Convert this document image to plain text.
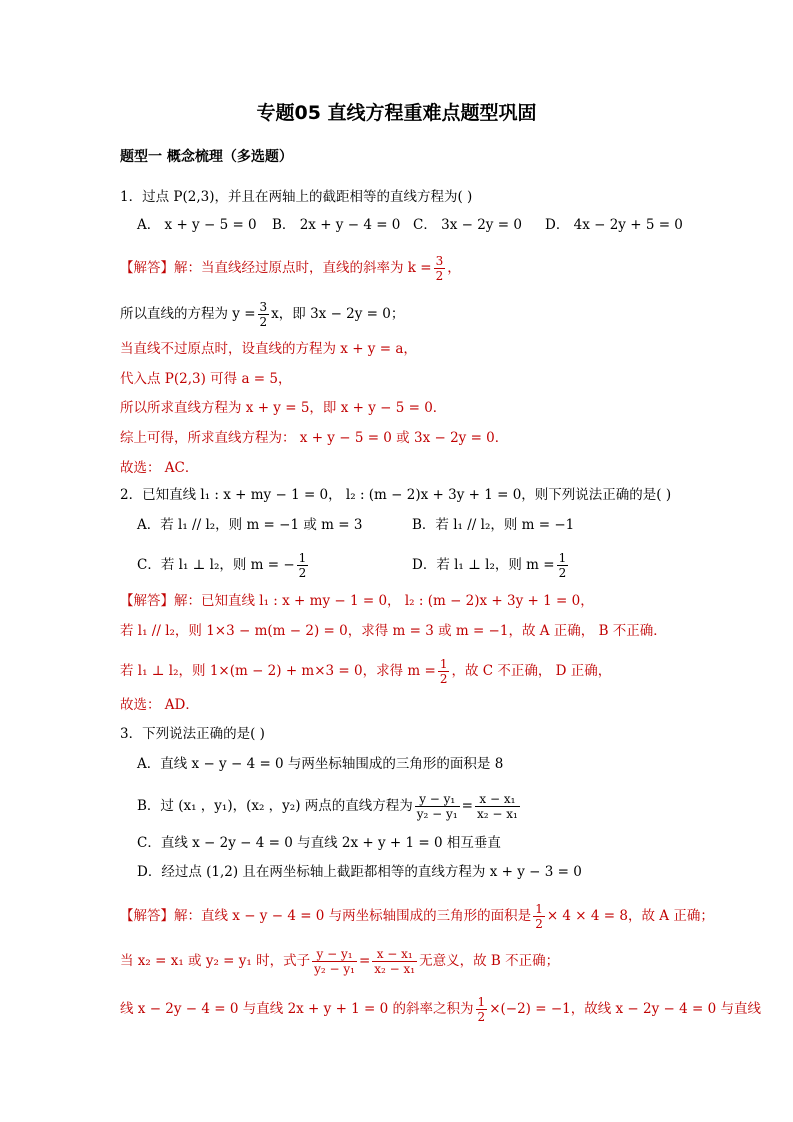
专题05 直线方程重难点题型巩固
题型一 概念梳理（多选题）
1．过点 P(2,3)，并且在两轴上的截距相等的直线方程为( )
A． x + y − 5 = 0 B． 2x + y − 4 = 0 C． 3x − 2y = 0 D． 4x − 2y + 5 = 0
【解答】解：当直线经过原点时，直线的斜率为 $k = \frac{3}{2}$ ，
所以直线的方程为 $y = \frac{3}{2}$ x，即 3x − 2y = 0；
当直线不过原点时，设直线的方程为 x + y = a，
代入点 P(2,3) 可得 a = 5，
所以所求直线方程为 x + y = 5，即 x + y − 5 = 0．
综上可得，所求直线方程为： x + y − 5 = 0 或 3x − 2y = 0．
故选： AC．
2．已知直线 l₁ : x + my − 1 = 0， l₂ : (m − 2)x + 3y + 1 = 0，则下列说法正确的是( )
A．若 l₁ // l₂，则 m = −1 或 m = 3	B．若 l₁ // l₂，则 m = −1
C．若 l₁ ⊥ l₂，则 m = − $\frac{1}{2}$	D．若 l₁ ⊥ l₂，则 $m = \frac{1}{2}$
【解答】解：已知直线 l₁ : x + my − 1 = 0， l₂ : (m − 2)x + 3y + 1 = 0，
若 l₁ // l₂，则 1×3 − m(m − 2) = 0，求得 m = 3 或 m = −1，故 A 正确， B 不正确．
若 l₁ ⊥ l₂，则 1×(m − 2) + m×3 = 0，求得 $m = \frac{1}{2}$ ，故 C 不正确， D 正确，
故选： AD．
3．下列说法正确的是( )
A．直线 x − y − 4 = 0 与两坐标轴围成的三角形的面积是 8
B．过 (x₁ ，y₁)，(x₂ ，y₂) 两点的直线方程为 $\frac{\text{y − y₁}}{\text{y₂ − y₁}} = \frac{\text{x − x₁}}{\text{x₂ − x₁}}$
C．直线 x − 2y − 4 = 0 与直线 2x + y + 1 = 0 相互垂直
D．经过点 (1,2) 且在两坐标轴上截距都相等的直线方程为 x + y − 3 = 0
【解答】解：直线 x − y − 4 = 0 与两坐标轴围成的三角形的面积是 $\frac{1}{2} \times 4 \times 4 = 8$，故 A 正确；
当 x₂ = x₁ 或 y₂ = y₁ 时，式子 $\frac{\text{y − y₁}}{\text{y₂ − y₁}} = \frac{\text{x − x₁}}{\text{x₂ − x₁}}$ 无意义，故 B 不正确；
线 x − 2y − 4 = 0 与直线 2x + y + 1 = 0 的斜率之积为 $\frac{1}{2} \times(-2) = -1$，故线 x − 2y − 4 = 0 与直线
